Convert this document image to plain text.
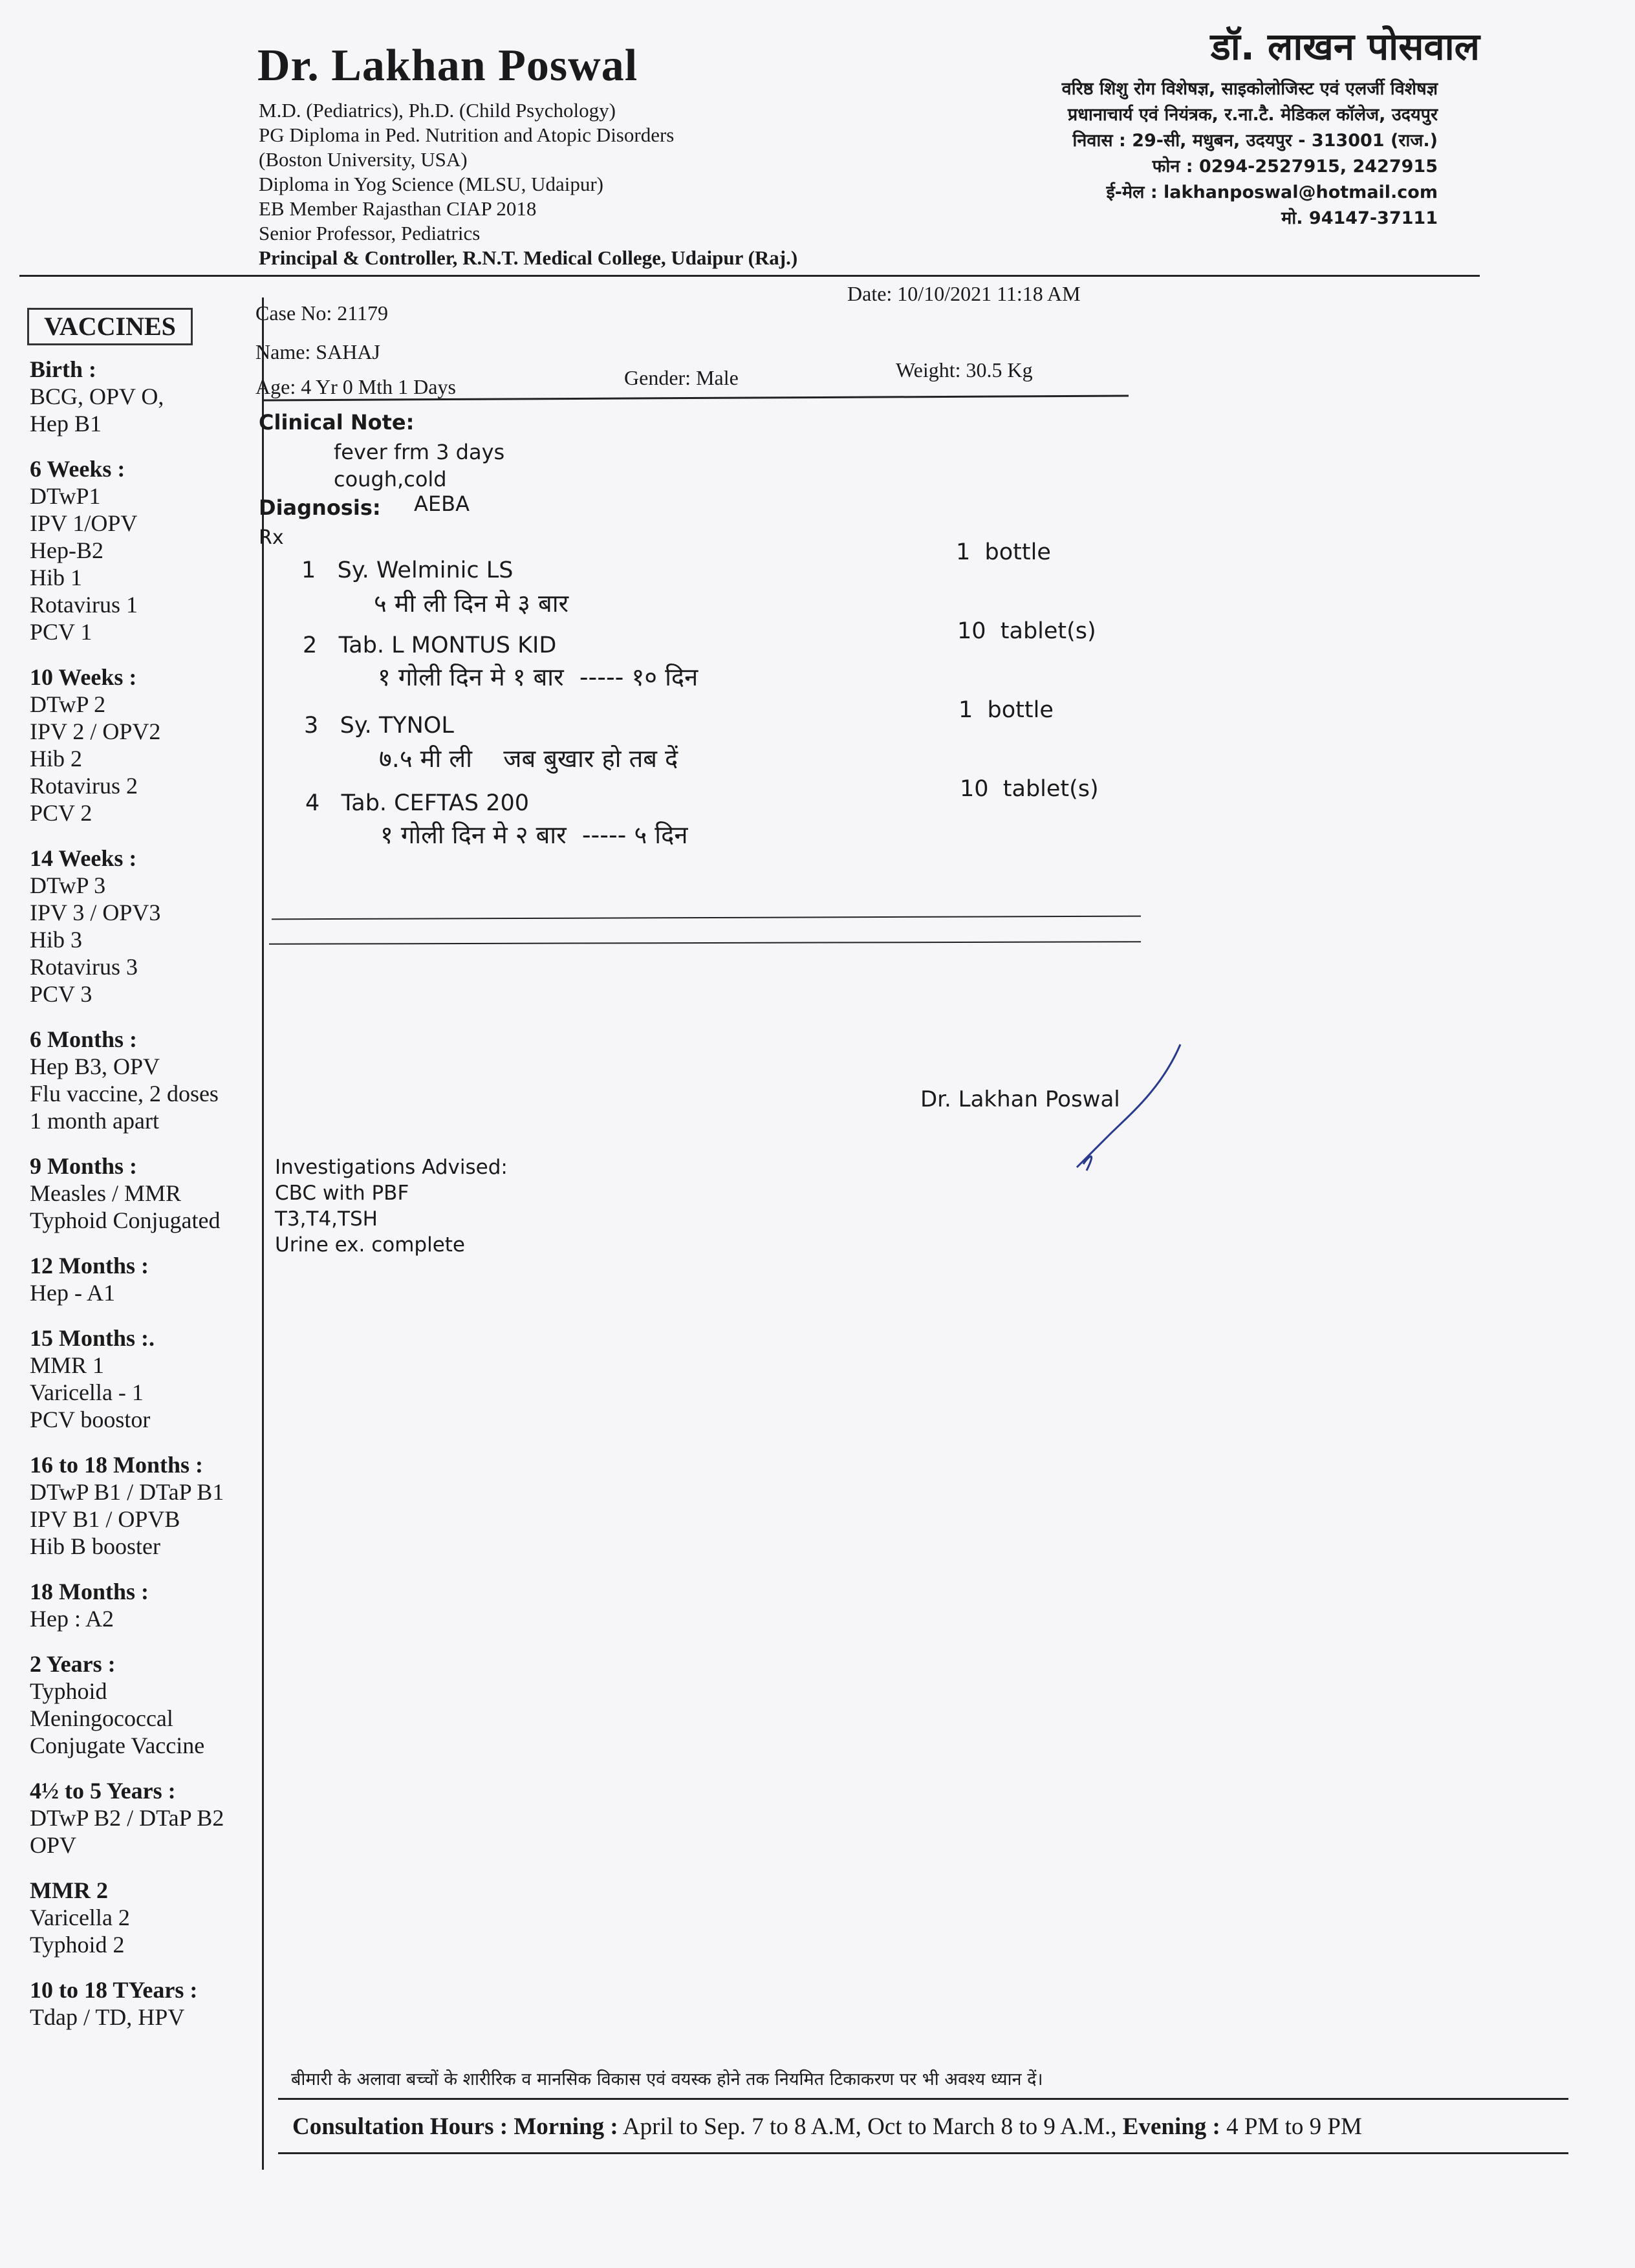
Dr. Lakhan Poswal
M.D. (Pediatrics), Ph.D. (Child Psychology)
PG Diploma in Ped. Nutrition and Atopic Disorders
(Boston University, USA)
Diploma in Yog Science (MLSU, Udaipur)
EB Member Rajasthan CIAP 2018
Senior Professor, Pediatrics
Principal & Controller, R.N.T. Medical College, Udaipur (Raj.)
डॉ. लाखन पोसवाल
वरिष्ठ शिशु रोग विशेषज्ञ, साइकोलोजिस्ट एवं एलर्जी विशेषज्ञ
प्रधानाचार्य एवं नियंत्रक, र.ना.टै. मेडिकल कॉलेज, उदयपुर
निवास : 29-सी, मधुबन, उदयपुर - 313001 (राज.)
फोन : 0294-2527915, 2427915
ई-मेल : lakhanposwal@hotmail.com
मो. 94147-37111
VACCINES
Birth :
BCG, OPV O,
Hep B1
6 Weeks :
DTwP1
IPV 1/OPV
Hep-B2
Hib 1
Rotavirus 1
PCV 1
10 Weeks :
DTwP 2
IPV 2 / OPV2
Hib 2
Rotavirus 2
PCV 2
14 Weeks :
DTwP 3
IPV 3 / OPV3
Hib 3
Rotavirus 3
PCV 3
6 Months :
Hep B3, OPV
Flu vaccine, 2 doses
1 month apart
9 Months :
Measles / MMR
Typhoid Conjugated
12 Months :
Hep - A1
15 Months :.
MMR 1
Varicella - 1
PCV boostor
16 to 18 Months :
DTwP B1 / DTaP B1
IPV B1 / OPVB
Hib B booster
18 Months :
Hep : A2
2 Years :
Typhoid
Meningococcal
Conjugate Vaccine
4½ to 5 Years :
DTwP B2 / DTaP B2
OPV
MMR 2
Varicella 2
Typhoid 2
10 to 18 TYears :
Tdap / TD, HPV
Case No: 21179
Date: 10/10/2021 11:18 AM
Name: SAHAJ
Age: 4 Yr 0 Mth 1 Days	Gender: Male	Weight: 30.5 Kg
Clinical Note:
fever frm 3 days
cough,cold
Diagnosis: AEBA
Rx
1 Sy. Welminic LS
५ मी ली दिन मे ३ बार
1  bottle
2 Tab. L MONTUS KID
१ गोली दिन मे १ बार  ----- १० दिन
10  tablet(s)
3 Sy. TYNOL
७.५ मी ली    जब बुखार हो तब दें
1  bottle
4 Tab. CEFTAS 200
१ गोली दिन मे २ बार  ----- ५ दिन
10  tablet(s)
Dr. Lakhan Poswal
Investigations Advised:
CBC with PBF
T3,T4,TSH
Urine ex. complete
बीमारी के अलावा बच्चों के शारीरिक व मानसिक विकास एवं वयस्क होने तक नियमित टिकाकरण पर भी अवश्य ध्यान दें।
Consultation Hours : Morning : April to Sep. 7 to 8 A.M, Oct to March 8 to 9 A.M., Evening : 4 PM to 9 PM
